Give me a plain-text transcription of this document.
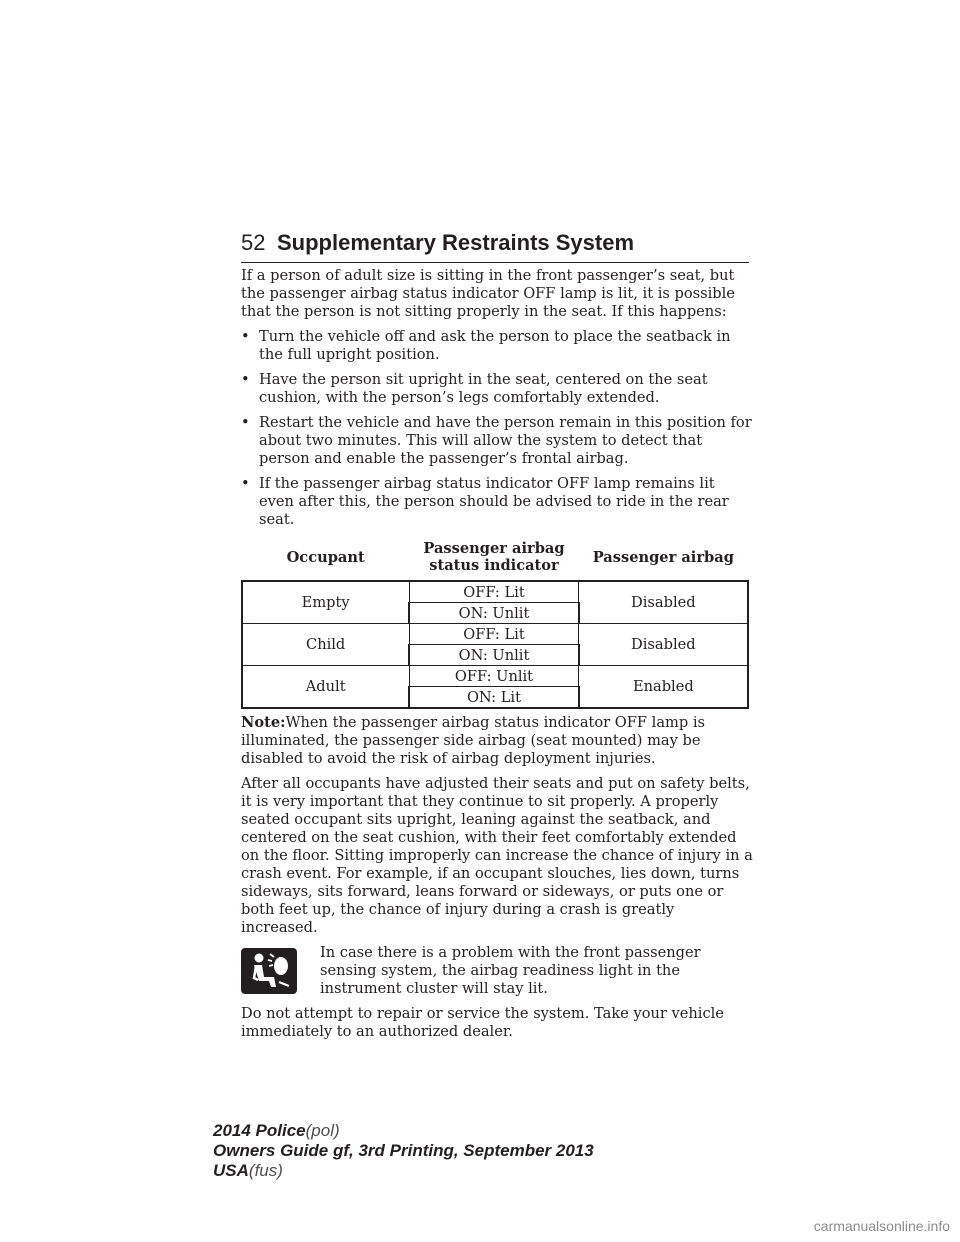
52 Supplementary Restraints System

If a person of adult size is sitting in the front passenger’s seat, but the passenger airbag status indicator OFF lamp is lit, it is possible that the person is not sitting properly in the seat. If this happens:

• Turn the vehicle off and ask the person to place the seatback in the full upright position.
• Have the person sit upright in the seat, centered on the seat cushion, with the person’s legs comfortably extended.
• Restart the vehicle and have the person remain in this position for about two minutes. This will allow the system to detect that person and enable the passenger’s frontal airbag.
• If the passenger airbag status indicator OFF lamp remains lit even after this, the person should be advised to ride in the rear seat.
Occupant	Passenger airbag status indicator	Passenger airbag
Empty	OFF: Lit	Disabled
	ON: Unlit	
Child	OFF: Lit	Disabled
	ON: Unlit	
Adult	OFF: Unlit	Enabled
	ON: Lit	

Note:When the passenger airbag status indicator OFF lamp is illuminated, the passenger side airbag (seat mounted) may be disabled to avoid the risk of airbag deployment injuries.

After all occupants have adjusted their seats and put on safety belts, it is very important that they continue to sit properly. A properly seated occupant sits upright, leaning against the seatback, and centered on the seat cushion, with their feet comfortably extended on the floor. Sitting improperly can increase the chance of injury in a crash event. For example, if an occupant slouches, lies down, turns sideways, sits forward, leans forward or sideways, or puts one or both feet up, the chance of injury during a crash is greatly increased.

In case there is a problem with the front passenger sensing system, the airbag readiness light in the instrument cluster will stay lit.

Do not attempt to repair or service the system. Take your vehicle immediately to an authorized dealer.

2014 Police(pol)
Owners Guide gf, 3rd Printing, September 2013
USA(fus)
carmanualsonline.info
